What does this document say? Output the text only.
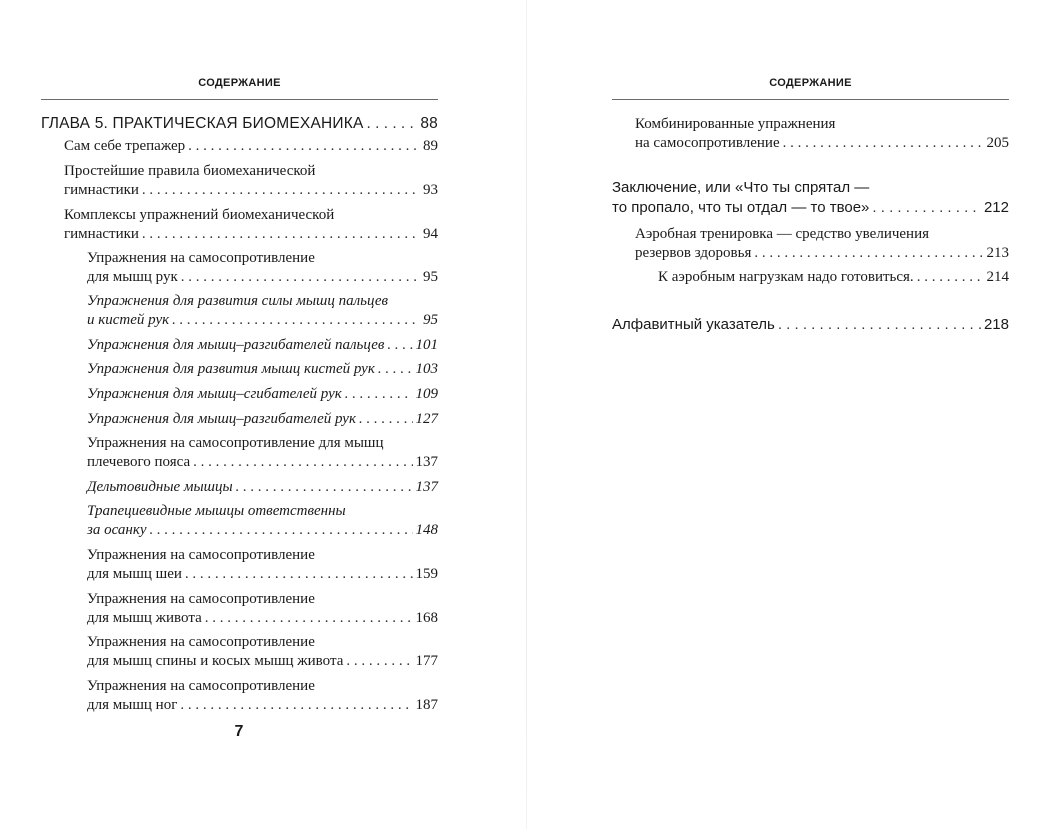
СОДЕРЖАНИЕ
ГЛАВА 5. ПРАКТИЧЕСКАЯ БИОМЕХАНИКА . . .	88
Сам себе трепажер . . .	89
Простейшие правила биомеханической
гимнастики . . .	93
Комплексы упражнений биомеханической
гимнастики . . .	94
Упражнения на самосопротивление
для мышц рук . . .	95
Упражнения для развития силы мышц пальцев
и кистей рук . . .	95
Упражнения для мышц–разгибателей пальцев . . . 101
Упражнения для развития мышц кистей рук . . .	103
Упражнения для мышц–сгибателей рук . . .	109
Упражнения для мышц–разгибателей рук . . .	127
Упражнения на самосопротивление для мышц
плечевого пояса . . .	137
Дельтовидные мышцы . . .	137
Трапециевидные мышцы ответственны
за осанку . . .	148
Упражнения на самосопротивление
для мышц шеи . . .	159
Упражнения на самосопротивление
для мышц живота . . .	168
Упражнения на самосопротивление
для мышц спины и косых мышц живота . . .	177
Упражнения на самосопротивление
для мышц ног . . .	187
7
СОДЕРЖАНИЕ
Комбинированные упражнения
на самосопротивление . . .	205
Заключение, или «Что ты спрятал —
то пропало, что ты отдал — то твое» . . .	212
Аэробная тренировка — средство увеличения
резервов здоровья . . .	213
К аэробным нагрузкам надо готовиться. . . .	214
Алфавитный указатель . . .	218
